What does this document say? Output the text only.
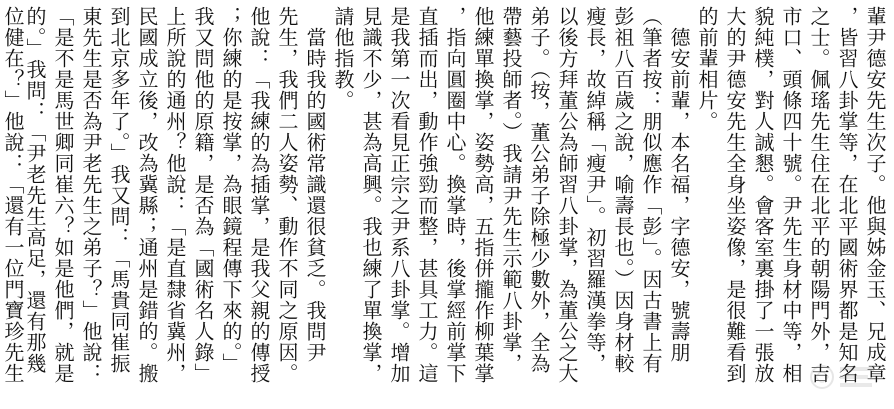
輩尹德安先生次子。他與姊金玉、兄成章
，皆習八卦掌等，在北平國術界都是知名
之士。佩瑤先生住在北平的朝陽門外，吉
市口、頭條四十號。尹先生身材中等，相
貌純樸，對人誠懇。會客室裏掛了一張放
大的尹德安先生全身坐姿像，是很難看到
的前輩相片。
　德安前輩，本名福，字德安，號壽朋
（筆者按：朋似應作「彭」。因古書上有
彭祖八百歲之說，喻壽長也。）因身材較
瘦長，故綽稱「瘦尹」。初習羅漢拳等，
以後方拜董公為師習八卦掌，為董公之大
弟子。（按，董公弟子除極少數外，全為
帶藝投師者。）我請尹先生示範八卦掌，
他練單換掌，姿勢高，五指併攏作柳葉掌
，指向圓圈中心。換掌時，後掌經前掌下
直插而出，動作強勁而整，甚具工力。這
是我第一次看見正宗之尹系八卦掌。增加
見識不少，甚為高興。我也練了單換掌，
請他指教。
　當時我的國術常識還很貧乏。我問尹
先生，我們二人姿勢、動作不同之原因。
他說：「我練的為插掌，是我父親的傳授
；你練的是按掌，為眼鏡程傳下來的。」
我又問他的原籍，是否為「國術名人錄」
上所說的通州？他說：「是直隸省冀州，
民國成立後，改為冀縣；通州是錯的。搬
到北京多年了。」我又問：「馬貴同崔振
東先生是否為尹老先生之弟子？」他說：
「是不是馬世卿同崔六？如是他們，就是
的。」我問：「尹老先生高足，還有那幾
位健在？」他說：「還有一位門寶珍先生
